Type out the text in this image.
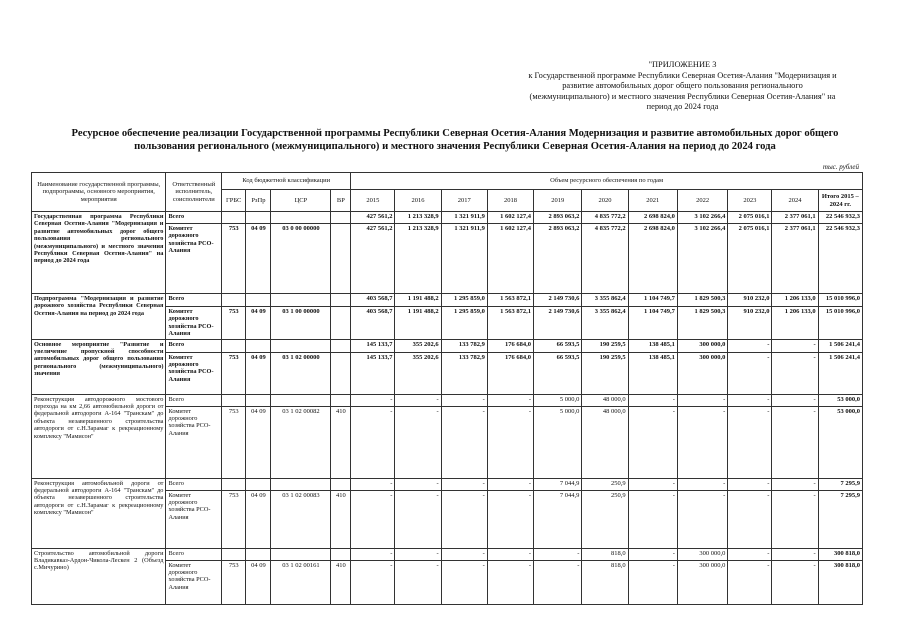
"ПРИЛОЖЕНИЕ 3
к Государственной программе Республики Северная Осетия-Алания "Модернизация и
развитие автомобильных дорог общего пользования регионального
(межмуниципального) и местного значения Республики Северная Осетия-Алания" на
период до 2024 года
Ресурсное обеспечение реализации Государственной программы Республики Северная Осетия-Алания Модернизация и развитие автомобильных дорог общего
пользования регионального (межмуниципального) и местного значения Республики Северная Осетия-Алания на период до 2024 года
тыс. рублей
Наименование государственной программы, подпрограммы, основного мероприятия, мероприятия	Ответственный исполнитель, соисполнители	Код бюджетной классификации				Объем ресурсного обеспечения по годам										
		ГРБС	РзПр	ЦСР	ВР	2015	2016	2017	2018	2019	2020	2021	2022	2023	2024	Итого 2015 – 2024 гг.
Государственная программа Республики Северная Осетия-Алания "Модернизация и развитие автомобильных дорог общего пользования регионального (межмуниципального) и местного значения Республики Северная Осетия-Алания" на период до 2024 года	Всего					427 561,2	1 213 328,9	1 321 911,9	1 602 127,4	2 893 063,2	4 835 772,2	2 698 824,0	3 102 266,4	2 075 016,1	2 377 061,1	22 546 932,3
	Комитет дорожного хозяйства РСО-Алания	753	04 09	03 0 00 00000		427 561,2	1 213 328,9	1 321 911,9	1 602 127,4	2 893 063,2	4 835 772,2	2 698 824,0	3 102 266,4	2 075 016,1	2 377 061,1	22 546 932,3
Подпрограмма "Модернизация и развитие дорожного хозяйства Республики Северная Осетия-Алания на период до 2024 года	Всего					403 568,7	1 191 488,2	1 295 859,0	1 563 872,1	2 149 730,6	3 355 862,4	1 104 749,7	1 829 500,3	910 232,0	1 206 133,0	15 010 996,0
	Комитет дорожного хозяйства РСО-Алания	753	04 09	03 1 00 00000		403 568,7	1 191 488,2	1 295 859,0	1 563 872,1	2 149 730,6	3 355 862,4	1 104 749,7	1 829 500,3	910 232,0	1 206 133,0	15 010 996,0
Основное мероприятие "Развитие и увеличение пропускной способности автомобильных дорог общего пользования регионального (межмуниципального) значения	Всего					145 133,7	355 202,6	133 782,9	176 684,0	66 593,5	190 259,5	138 485,1	300 000,0	-	-	1 506 241,4
	Комитет дорожного хозяйства РСО-Алания	753	04 09	03 1 02 00000		145 133,7	355 202,6	133 782,9	176 684,0	66 593,5	190 259,5	138 485,1	300 000,0	-	-	1 506 241,4
Реконструкция автодорожного мостового перехода на км 2,66 автомобильной дороги от федеральной автодороги А-164 "Транскам" до объекта незавершенного строительства автодороги от с.Н.Зарамаг к рекреационному комплексу "Мамисон"	Всего					-	-	-	-	5 000,0	48 000,0	-	-	-	-	53 000,0
	Комитет дорожного хозяйства РСО-Алания	753	04 09	03 1 02 00082	410	-	-	-	-	5 000,0	48 000,0	-	-	-	-	53 000,0
Реконструкция автомобильной дороги от федеральной автодороги А-164 "Транскам" до объекта незавершенного строительства автодороги от с.Н.Зарамаг к рекреационному комплексу "Мамисон"	Всего					-	-	-	-	7 044,9	250,9	-	-	-	-	7 295,9
	Комитет дорожного хозяйства РСО-Алания	753	04 09	03 1 02 00083	410	-	-	-	-	7 044,9	250,9	-	-	-	-	7 295,9
Строительство автомобильной дороги Владикавказ-Ардон-Чикола-Лескен 2 (Объезд с.Мичурино)	Всего					-	-	-	-	-	818,0	-	300 000,0	-	-	300 818,0
	Комитет дорожного хозяйства РСО-Алания	753	04 09	03 1 02 00161	410	-	-	-	-	-	818,0	-	300 000,0	-	-	300 818,0
